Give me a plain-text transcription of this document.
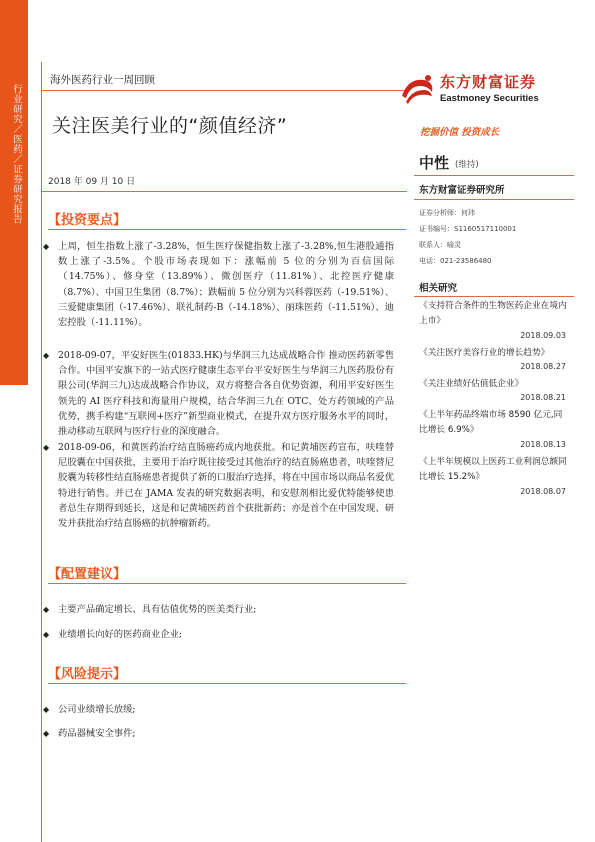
行业研究／医药／证券研究报告
海外医药行业一周回顾
关注医美行业的“颜值经济”
东方财富证券
Eastmoney Securities
挖掘价值 投资成长
2018 年 09 月 10 日
【投资要点】
◆ 上周，恒生指数上涨了-3.28%，恒生医疗保健指数上涨了-3.28%,恒生港股通指数上涨了-3.5%。个股市场表现如下：涨幅前 5 位的分别为百信国际（14.75%）、修身堂（13.89%）、微创医疗（11.81%）、北控医疗健康（8.7%）、中国卫生集团（8.7%）；跌幅前 5 位分别为兴科蓉医药（-19.51%）、三爱健康集团（-17.46%）、联礼制药-B（-14.18%）、丽珠医药（-11.51%）、迪宏控股（-11.11%）。
◆ 2018-09-07，平安好医生(01833.HK)与华润三九达成战略合作 推动医药新零售合作。中国平安旗下的一站式医疗健康生态平台平安好医生与华润三九医药股份有限公司(华润三九)达成战略合作协议，双方将整合各自优势资源，利用平安好医生领先的 AI 医疗科技和海量用户规模，结合华润三九在 OTC、处方药领域的产品优势，携手构建“互联网+医疗”新型商业模式，在提升双方医疗服务水平的同时，推动移动互联网与医疗行业的深度融合。
◆ 2018-09-06，和黄医药治疗结直肠癌药成内地获批。和记黄埔医药宣布，呋喹替尼胶囊在中国获批，主要用于治疗既往接受过其他治疗的结直肠癌患者，呋喹替尼胶囊为转移性结直肠癌患者提供了新的口服治疗选择，将在中国市场以商品名爱优特进行销售。并已在 JAMA 发表的研究数据表明，和安慰剂相比爱优特能够使患者总生存期得到延长，这是和记黄埔医药首个获批新药；亦是首个在中国发现、研发并获批治疗结直肠癌的抗肿瘤新药。
【配置建议】
◆ 主要产品确定增长、具有估值优势的医美类行业;
◆ 业绩增长向好的医药商业企业;
【风险提示】
◆ 公司业绩增长放缓;
◆ 药品器械安全事件;
中性 (维持)
东方财富证券研究所
证券分析师：何玮
证书编号：S1160517110001
联系人：喻灵
电话：021-23586480
相关研究
《支持符合条件的生物医药企业在境内上市》
2018.09.03
《关注医疗美容行业的增长趋势》
2018.08.27
《关注业绩好估值低企业》
2018.08.21
《上半年药品终端市场 8590 亿元,同比增长 6.9%》
2018.08.13
《上半年规模以上医药工业利润总额同比增长 15.2%》
2018.08.07
